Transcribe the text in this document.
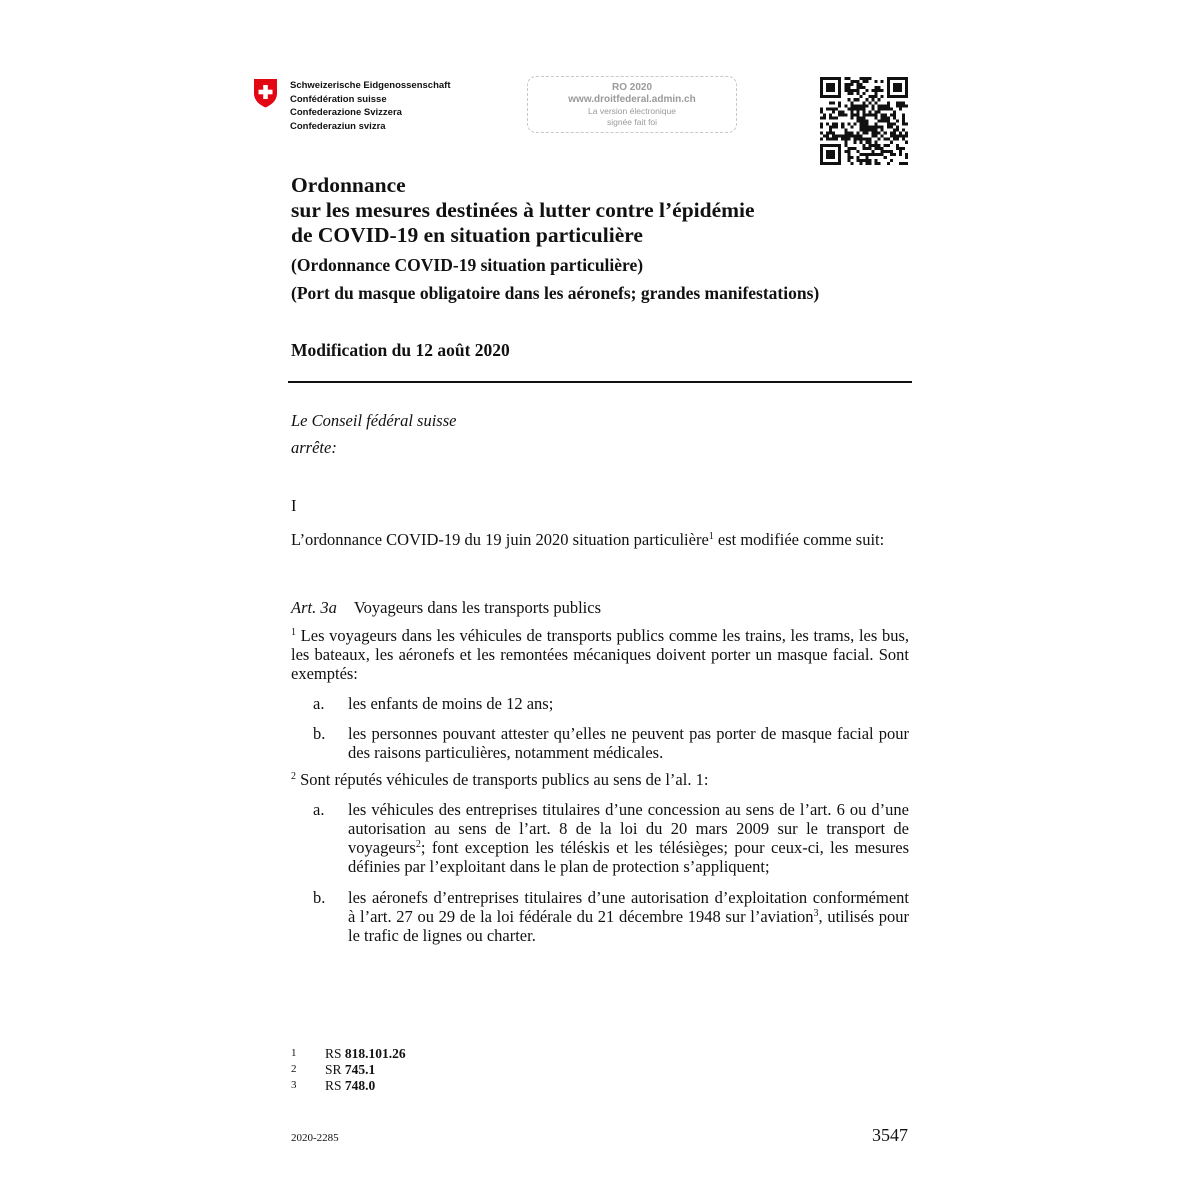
Schweizerische Eidgenossenschaft
Confédération suisse
Confederazione Svizzera
Confederaziun svizra
RO 2020
www.droitfederal.admin.ch
La version électronique
signée fait foi
Ordonnance
sur les mesures destinées à lutter contre l’épidémie
de COVID-19 en situation particulière
(Ordonnance COVID-19 situation particulière)
(Port du masque obligatoire dans les aéronefs; grandes manifestations)
Modification du 12 août 2020
Le Conseil fédéral suisse
arrête:
I
L’ordonnance COVID-19 du 19 juin 2020 situation particulière$^1$ est modifiée comme suit:
Art. 3a Voyageurs dans les transports publics
$^1$ Les voyageurs dans les véhicules de transports publics comme les trains, les trams, les bus, les bateaux, les aéronefs et les remontées mécaniques doivent porter un masque facial. Sont exemptés:
a. les enfants de moins de 12 ans;
b. les personnes pouvant attester qu’elles ne peuvent pas porter de masque facial pour des raisons particulières, notamment médicales.
$^2$ Sont réputés véhicules de transports publics au sens de l’al. 1:
a. les véhicules des entreprises titulaires d’une concession au sens de l’art. 6 ou d’une autorisation au sens de l’art. 8 de la loi du 20 mars 2009 sur le transport de voyageurs$^2$; font exception les téléskis et les télésièges; pour ceux-ci, les mesures définies par l’exploitant dans le plan de protection s’appliquent;
b. les aéronefs d’entreprises titulaires d’une autorisation d’exploitation conformément à l’art. 27 ou 29 de la loi fédérale du 21 décembre 1948 sur l’aviation$^3$, utilisés pour le trafic de lignes ou charter.
1 RS 818.101.26
2 SR 745.1
3 RS 748.0
2020-2285	3547
